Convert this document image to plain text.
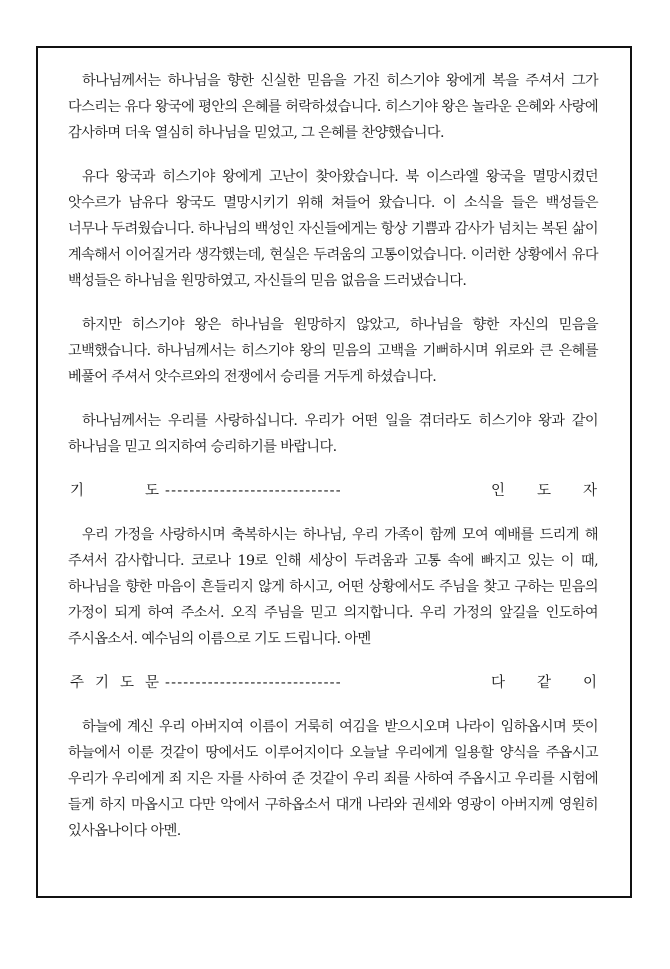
하나님께서는 하나님을 향한 신실한 믿음을 가진 히스기야 왕에게 복을 주셔서 그가 다스리는 유다 왕국에 평안의 은혜를 허락하셨습니다. 히스기야 왕은 놀라운 은혜와 사랑에 감사하며 더욱 열심히 하나님을 믿었고, 그 은혜를 찬양했습니다.

유다 왕국과 히스기야 왕에게 고난이 찾아왔습니다. 북 이스라엘 왕국을 멸망시켰던 앗수르가 남유다 왕국도 멸망시키기 위해 쳐들어 왔습니다. 이 소식을 들은 백성들은 너무나 두려웠습니다. 하나님의 백성인 자신들에게는 항상 기쁨과 감사가 넘치는 복된 삶이 계속해서 이어질거라 생각했는데, 현실은 두려움의 고통이었습니다. 이러한 상황에서 유다 백성들은 하나님을 원망하였고, 자신들의 믿음 없음을 드러냈습니다.

하지만 히스기야 왕은 하나님을 원망하지 않았고, 하나님을 향한 자신의 믿음을 고백했습니다. 하나님께서는 히스기야 왕의 믿음의 고백을 기뻐하시며 위로와 큰 은혜를 베풀어 주셔서 앗수르와의 전쟁에서 승리를 거두게 하셨습니다.

하나님께서는 우리를 사랑하십니다. 우리가 어떤 일을 겪더라도 히스기야 왕과 같이 하나님을 믿고 의지하여 승리하기를 바랍니다.

기	도 -----------------------------	인 도 자

우리 가정을 사랑하시며 축복하시는 하나님, 우리 가족이 함께 모여 예배를 드리게 해 주셔서 감사합니다. 코로나 19로 인해 세상이 두려움과 고통 속에 빠지고 있는 이 때, 하나님을 향한 마음이 흔들리지 않게 하시고, 어떤 상황에서도 주님을 찾고 구하는 믿음의 가정이 되게 하여 주소서. 오직 주님을 믿고 의지합니다. 우리 가정의 앞길을 인도하여 주시옵소서. 예수님의 이름으로 기도 드립니다. 아멘

주 기 도 문 -----------------------------	다 같 이

하늘에 계신 우리 아버지여 이름이 거룩히 여김을 받으시오며 나라이 임하옵시며 뜻이 하늘에서 이룬 것같이 땅에서도 이루어지이다 오늘날 우리에게 일용할 양식을 주옵시고 우리가 우리에게 죄 지은 자를 사하여 준 것같이 우리 죄를 사하여 주옵시고 우리를 시험에 들게 하지 마옵시고 다만 악에서 구하옵소서 대개 나라와 권세와 영광이 아버지께 영원히 있사옵나이다 아멘.
